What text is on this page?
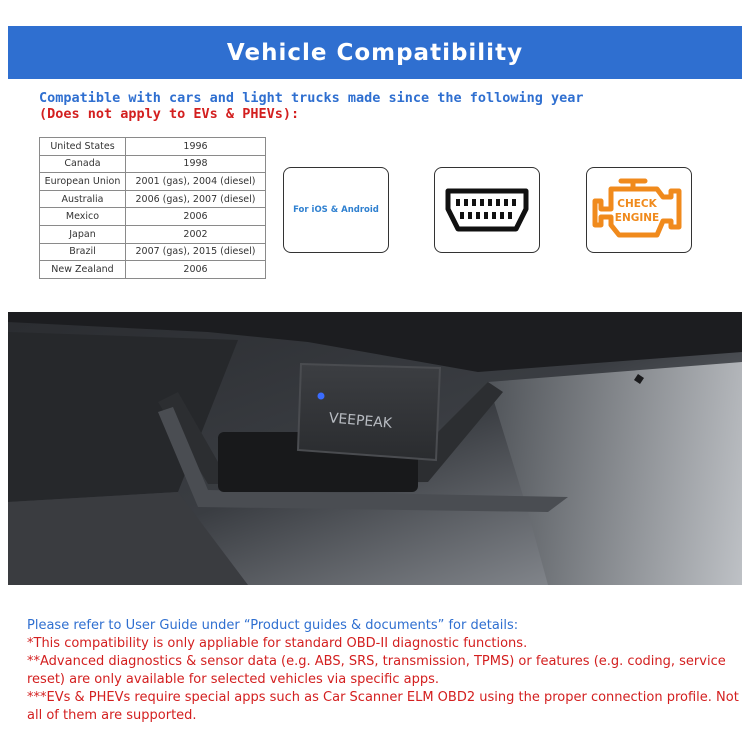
Vehicle Compatibility
Compatible with cars and light trucks made since the following year
(Does not apply to EVs & PHEVs):
United States	1996
Canada	1998
European Union	2001 (gas), 2004 (diesel)
Australia	2006 (gas), 2007 (diesel)
Mexico	2006
Japan	2002
Brazil	2007 (gas), 2015 (diesel)
New Zealand	2006
For iOS & Android	CHECK
ENGINE
VEEPEAK

Please refer to User Guide under “Product guides & documents” for details:

*This compatibility is only appliable for standard OBD-II diagnostic functions.

**Advanced diagnostics & sensor data (e.g. ABS, SRS, transmission, TPMS) or features (e.g. coding, service reset) are only available for selected vehicles via specific apps.

***EVs & PHEVs require special apps such as Car Scanner ELM OBD2 using the proper connection profile. Not all of them are supported.
